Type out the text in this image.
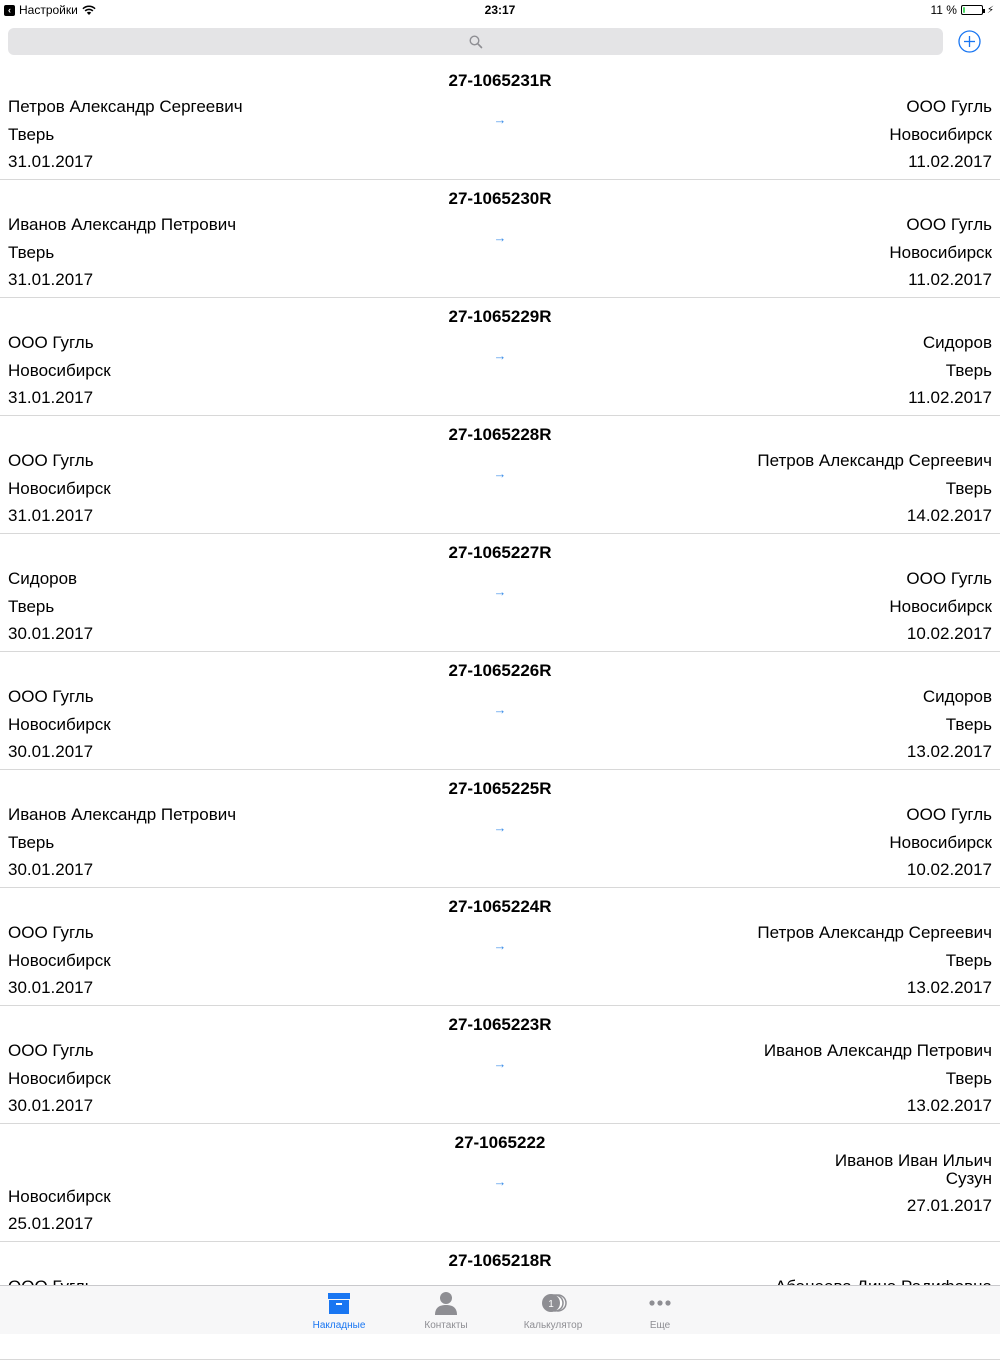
‹ Настройки	23:17	11 %	⚡
27-1065231R
Петров Александр Сергеевич
Тверь
31.01.2017
→
ООО Гугль
Новосибирск
11.02.2017
27-1065230R
Иванов Александр Петрович
Тверь
31.01.2017
→
ООО Гугль
Новосибирск
11.02.2017
27-1065229R
ООО Гугль
Новосибирск
31.01.2017
→
Сидоров
Тверь
11.02.2017
27-1065228R
ООО Гугль
Новосибирск
31.01.2017
→
Петров Александр Сергеевич
Тверь
14.02.2017
27-1065227R
Сидоров
Тверь
30.01.2017
→
ООО Гугль
Новосибирск
10.02.2017
27-1065226R
ООО Гугль
Новосибирск
30.01.2017
→
Сидоров
Тверь
13.02.2017
27-1065225R
Иванов Александр Петрович
Тверь
30.01.2017
→
ООО Гугль
Новосибирск
10.02.2017
27-1065224R
ООО Гугль
Новосибирск
30.01.2017
→
Петров Александр Сергеевич
Тверь
13.02.2017
27-1065223R
ООО Гугль
Новосибирск
30.01.2017
→
Иванов Александр Петрович
Тверь
13.02.2017
27-1065222
Новосибирск
25.01.2017
→
Иванов Иван Ильич
Сузун
27.01.2017
27-1065218R
Накладные	Контакты
1
Калькулятор	Еще
